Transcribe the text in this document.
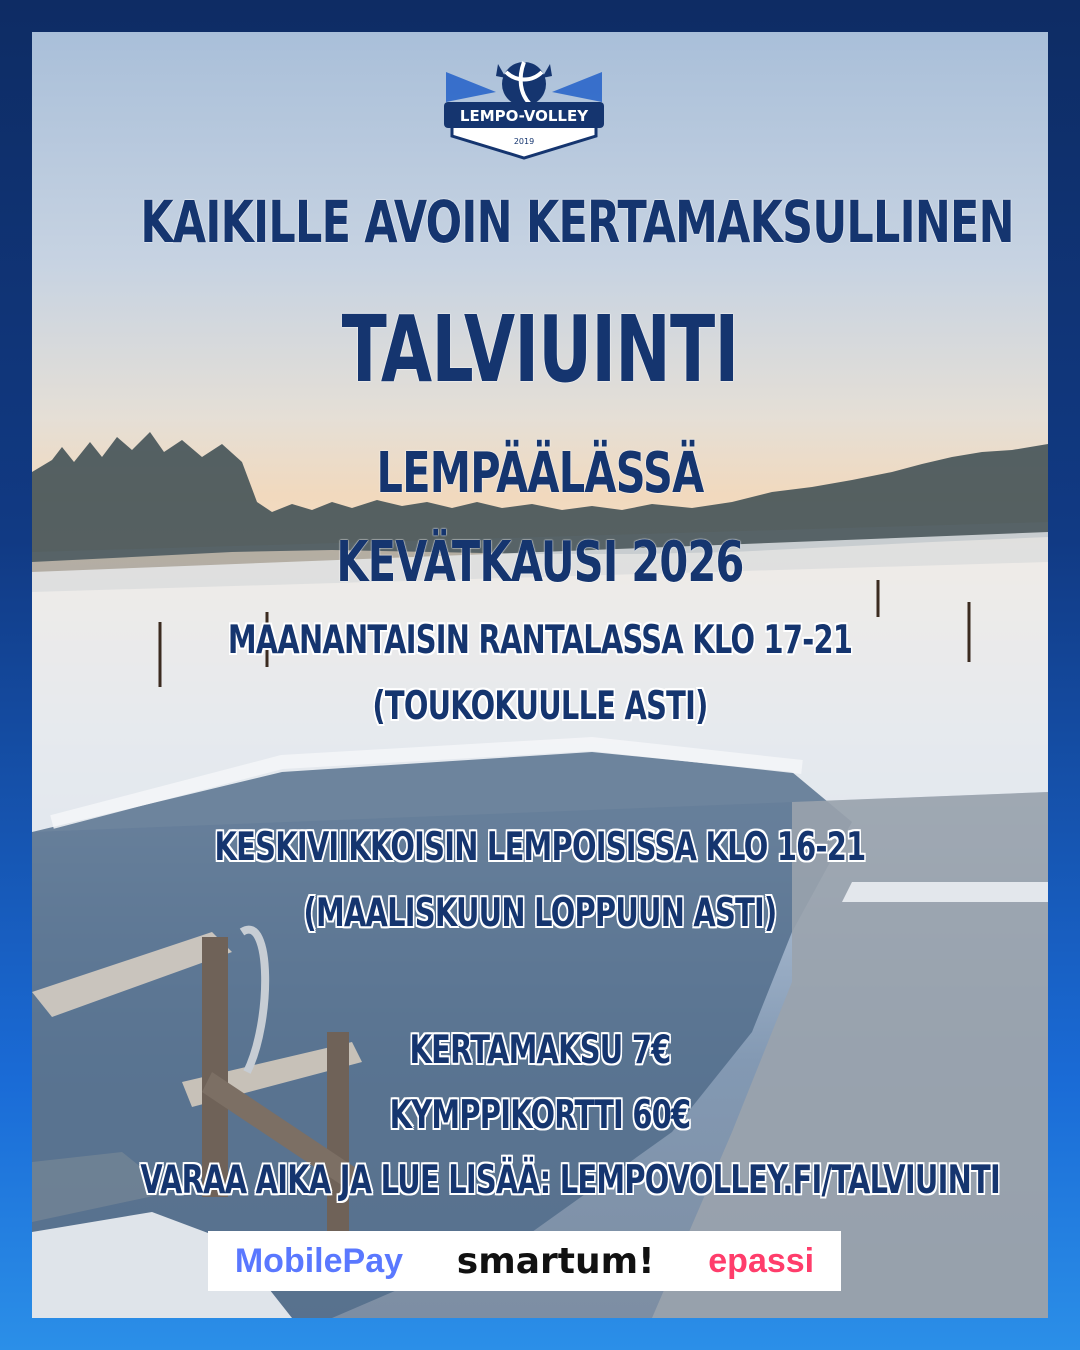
LEMPO-VOLLEY
2019
KAIKILLE AVOIN KERTAMAKSULLINEN
TALVIUINTI
LEMPÄÄLÄSSÄ
KEVÄTKAUSI 2026
MAANANTAISIN RANTALASSA KLO 17-21
(TOUKOKUULLE ASTI)
KESKIVIIKKOISIN LEMPOISISSA KLO 16-21
(MAALISKUUN LOPPUUN ASTI)
KERTAMAKSU 7€
KYMPPIKORTTI 60€
VARAA AIKA JA LUE LISÄÄ: LEMPOVOLLEY.FI/TALVIUINTI
MobilePay smartum! epassi
